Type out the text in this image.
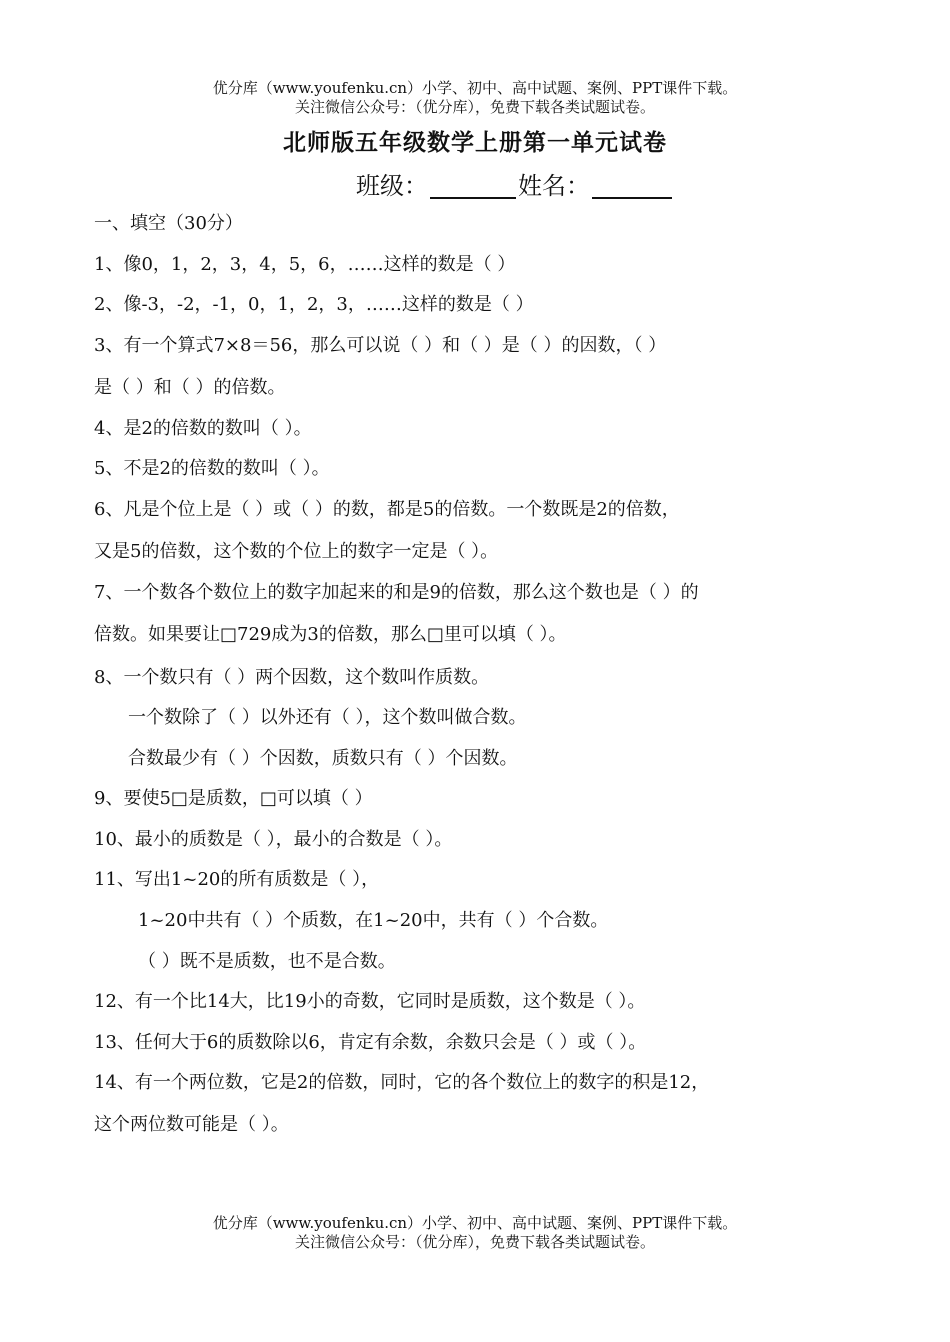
优分库（www.youfenku.cn）小学、初中、高中试题、案例、PPT课件下载。
关注微信公众号：（优分库），免费下载各类试题试卷。
北师版五年级数学上册第一单元试卷
班级：	姓名：
一、填空（30分）
1、像0，1，2，3，4，5，6，……这样的数是（ ）
2、像-3，-2，-1，0，1，2，3，……这样的数是（ ）
3、有一个算式7×8＝56，那么可以说（ ）和（ ）是（ ）的因数，（ ）
是（ ）和（ ）的倍数。
4、是2的倍数的数叫（ ）。
5、不是2的倍数的数叫（ ）。
6、凡是个位上是（ ）或（ ）的数，都是5的倍数。一个数既是2的倍数，
又是5的倍数，这个数的个位上的数字一定是（ ）。
7、一个数各个数位上的数字加起来的和是9的倍数，那么这个数也是（ ）的
倍数。如果要让□729成为3的倍数，那么□里可以填（ ）。
8、一个数只有（ ）两个因数，这个数叫作质数。
一个数除了（ ）以外还有（ ），这个数叫做合数。
合数最少有（ ）个因数，质数只有（ ）个因数。
9、要使5□是质数，□可以填（ ）
10、最小的质数是（ ），最小的合数是（ ）。
11、写出1~20的所有质数是（ ），
1~20中共有（ ）个质数，在1~20中，共有（ ）个合数。
（ ）既不是质数，也不是合数。
12、有一个比14大，比19小的奇数，它同时是质数，这个数是（ ）。
13、任何大于6的质数除以6，肯定有余数，余数只会是（ ）或（ ）。
14、有一个两位数，它是2的倍数，同时，它的各个数位上的数字的积是12，
这个两位数可能是（ ）。
优分库（www.youfenku.cn）小学、初中、高中试题、案例、PPT课件下载。
关注微信公众号：（优分库），免费下载各类试题试卷。
